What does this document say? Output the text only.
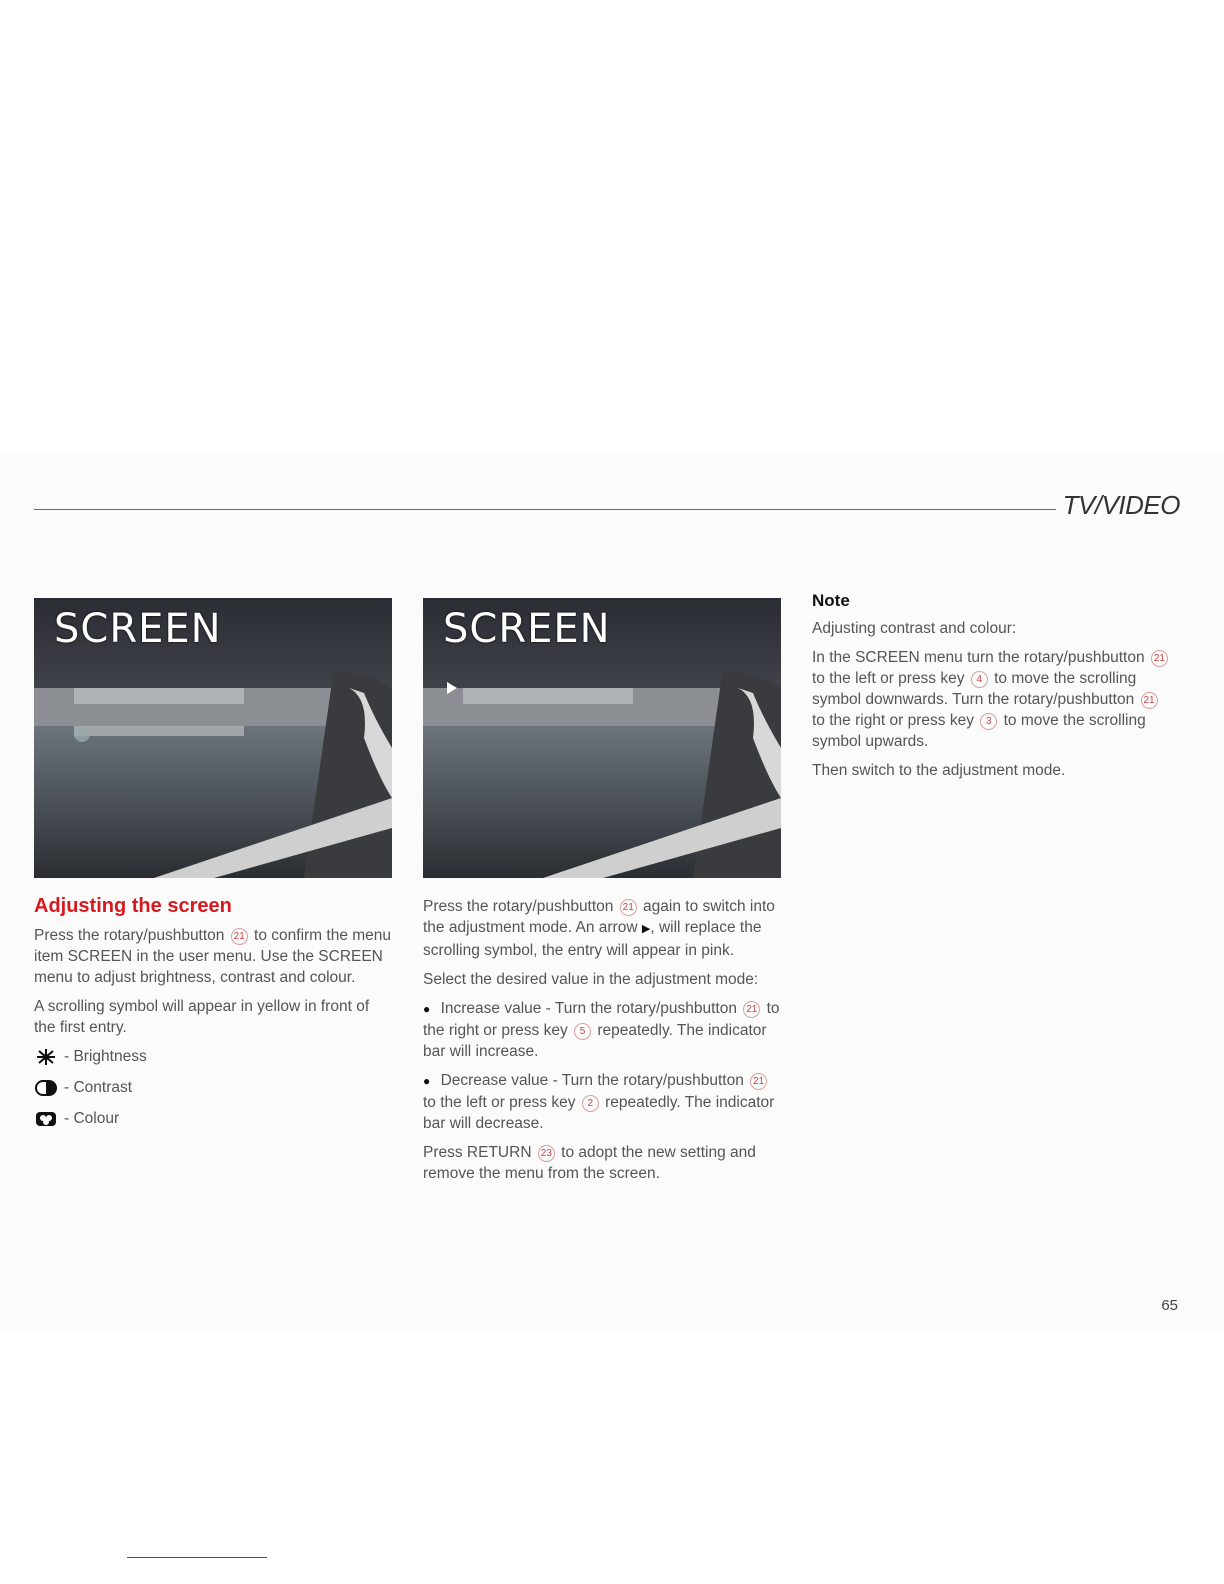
TV/VIDEO
SCREEN	SCREEN
Adjusting the screen

Press the rotary/pushbutton 21 to confirm the menu item SCREEN in the user menu. Use the SCREEN menu to adjust brightness, contrast and colour.

A scrolling symbol will appear in yellow in front of the first entry.

- Brightness
- Contrast
- Colour

Press the rotary/pushbutton 21 again to switch into the adjustment mode. An arrow ▶, will replace the scrolling symbol, the entry will appear in pink.

Select the desired value in the adjustment mode:

● Increase value - Turn the rotary/pushbutton 21 to the right or press key 5 repeatedly. The indicator bar will increase.

● Decrease value - Turn the rotary/pushbutton 21 to the left or press key 2 repeatedly. The indicator bar will decrease.

Press RETURN 23 to adopt the new setting and remove the menu from the screen.

Note

Adjusting contrast and colour:

In the SCREEN menu turn the rotary/pushbutton 21 to the left or press key 4 to move the scrolling symbol downwards. Turn the rotary/pushbutton 21 to the right or press key 3 to move the scrolling symbol upwards.

Then switch to the adjustment mode.

65
